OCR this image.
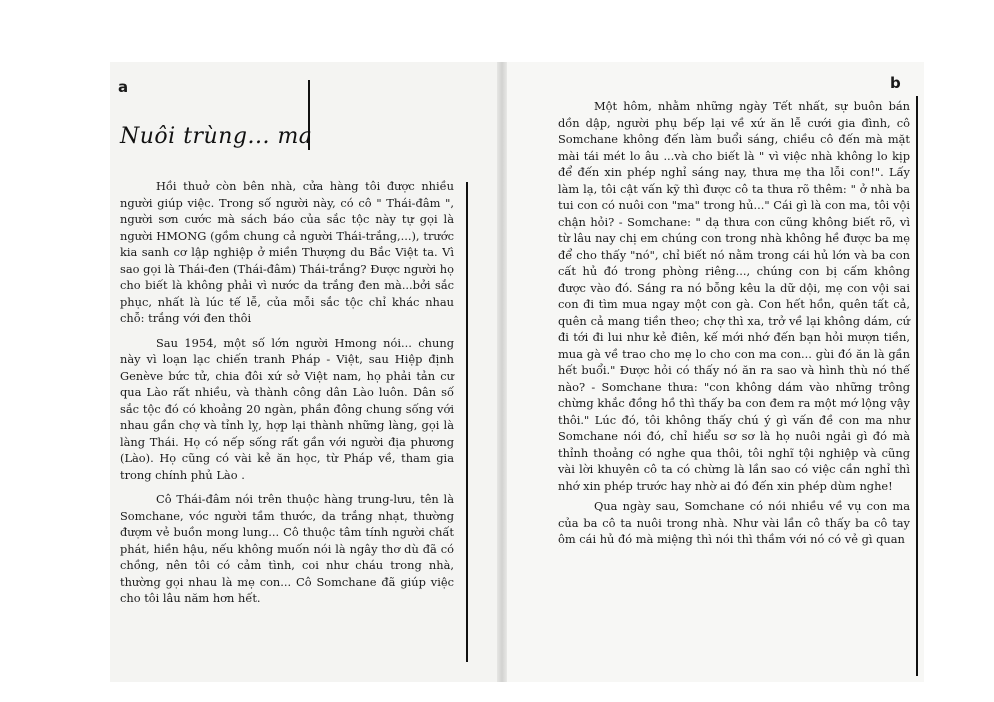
a	b
Nuôi trùng... ma

Hồi thuở còn bên nhà, cửa hàng tôi được nhiều người giúp việc. Trong số người này, có cô " Thái-đâm ", người sơn cước mà sách báo của sắc tộc này tự gọi là người HMONG (gồm chung cả người Thái-trắng,...), trước kia sanh cơ lập nghiệp ở miền Thượng du Bắc Việt ta. Vì sao gọi là Thái-đen (Thái-đâm) Thái-trắng? Được người họ cho biết là không phải vì nước da trắng đen mà...bởi sắc phục, nhất là lúc tế lễ, của mỗi sắc tộc chỉ khác nhau chỗ: trắng với đen thôi

Sau 1954, một số lớn người Hmong nói... chung này vì loạn lạc chiến tranh Pháp - Việt, sau Hiệp định Genève bức tử, chia đôi xứ sở Việt nam, họ phải tản cư qua Lào rất nhiều, và thành công dân Lào luôn. Dân số sắc tộc đó có khoảng 20 ngàn, phần đông chung sống với nhau gần chợ và tỉnh lỵ, hợp lại thành những làng, gọi là làng Thái. Họ có nếp sống rất gần với người địa phương (Lào). Họ cũng có vài kẻ ăn học, từ Pháp về, tham gia trong chính phủ Lào .

Cô Thái-đâm nói trên thuộc hàng trung-lưu, tên là Somchane, vóc người tầm thước, da trắng nhạt, thường đượm vẻ buồn mong lung... Cô thuộc tâm tính người chất phát, hiền hậu, nếu không muốn nói là ngây thơ dù đã có chồng, nên tôi có cảm tình, coi như cháu trong nhà, thường gọi nhau là mẹ con... Cô Somchane đã giúp việc cho tôi lâu năm hơn hết.

Một hôm, nhằm những ngày Tết nhất, sự buôn bán dồn dập, người phụ bếp lại về xứ ăn lễ cưới gia đình, cô Somchane không đến làm buổi sáng, chiều cô đến mà mặt mài tái mét lo âu ...và cho biết là " vì việc nhà không lo kịp để đến xin phép nghỉ sáng nay, thưa mẹ tha lỗi con!". Lấy làm lạ, tôi cật vấn kỹ thì được cô ta thưa rõ thêm: " ở nhà ba tui con có nuôi con "ma" trong hủ..." Cái gì là con ma, tôi vội chận hỏi? - Somchane: " dạ thưa con cũng không biết rõ, vì từ lâu nay chị em chúng con trong nhà không hề được ba mẹ để cho thấy "nó", chỉ biết nó nằm trong cái hủ lớn và ba con cất hủ đó trong phòng riêng..., chúng con bị cấm không được vào đó. Sáng ra nó bỗng kêu la dữ dội, mẹ con vội sai con đi tìm mua ngay một con gà. Con hết hồn, quên tất cả, quên cả mang tiền theo; chợ thì xa, trở về lại không dám, cứ đi tới đi lui như kẻ điên, kế mới nhớ đến bạn hỏi mượn tiền, mua gà về trao cho mẹ lo cho con ma con... gùi đó ăn là gần hết buổi." Được hỏi có thấy nó ăn ra sao và hình thù nó thế nào? - Somchane thưa: "con không dám vào những trông chừng khắc đồng hồ thì thấy ba con đem ra một mớ lộng vậy thôi." Lúc đó, tôi không thấy chú ý gì vấn đề con ma như Somchane nói đó, chỉ hiểu sơ sơ là họ nuôi ngải gì đó mà thỉnh thoảng có nghe qua thôi, tôi nghĩ tội nghiệp và cũng vài lời khuyên cô ta có chừng là lần sao có việc cần nghỉ thì nhớ xin phép trước hay nhờ ai đó đến xin phép dùm nghe!

Qua ngày sau, Somchane có nói nhiều về vụ con ma của ba cô ta nuôi trong nhà. Như vài lần cô thấy ba cô tay ôm cái hủ đó mà miệng thì nói thì thầm với nó có vẻ gì quan
